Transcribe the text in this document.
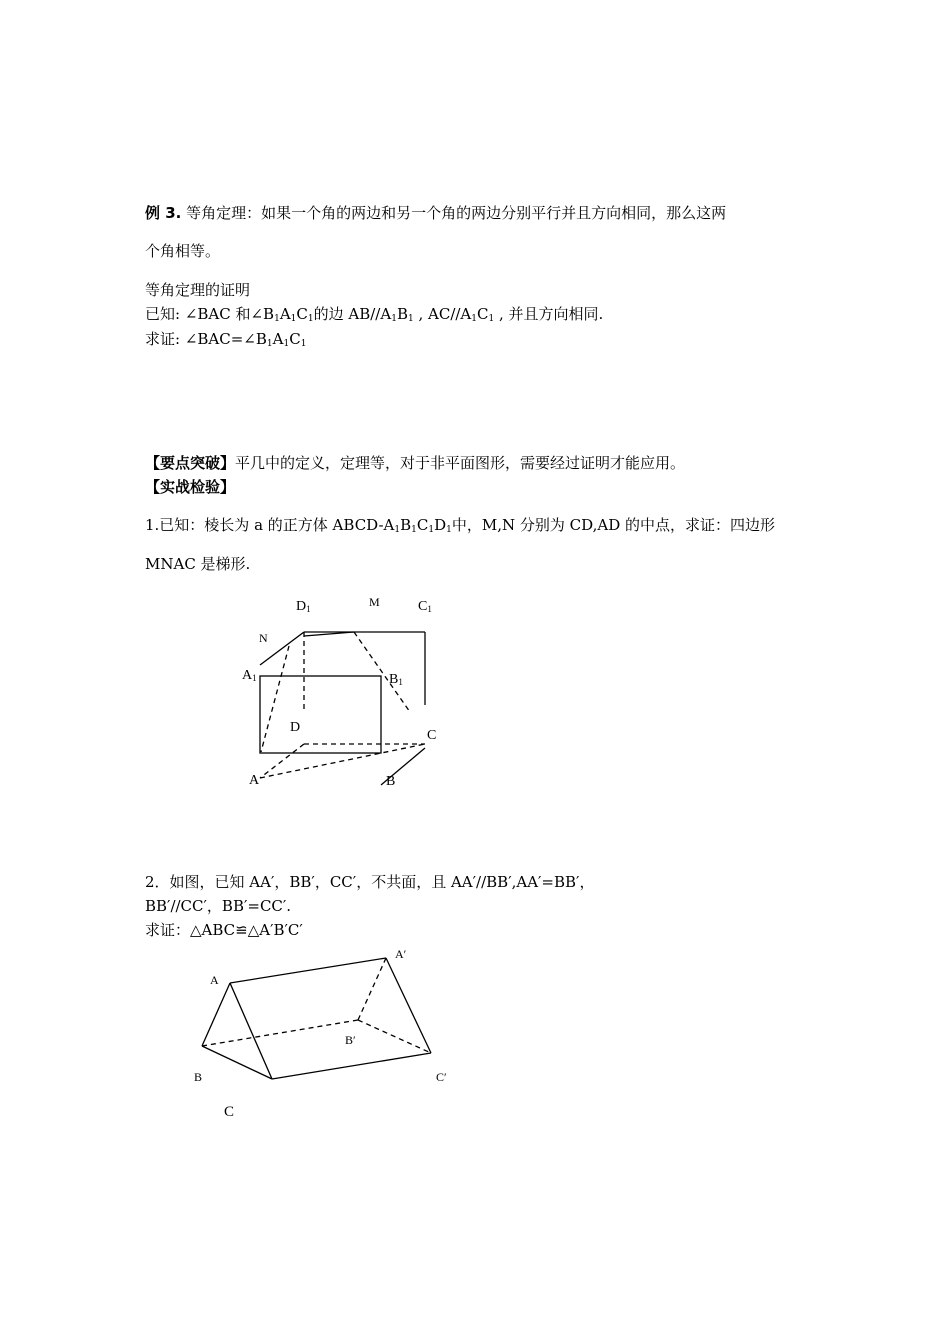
例 3. 等角定理：如果一个角的两边和另一个角的两边分别平行并且方向相同，那么这两
个角相等。
等角定理的证明
已知: ∠BAC 和$\angle B_1A_1C_1$的边 $AB//A_1B_1$ , $AC//A_1C_1$ , 并且方向相同.
求证: $\angle BAC=\angle B_1A_1C_1$
【要点突破】平几中的定义，定理等，对于非平面图形，需要经过证明才能应用。
【实战检验】
1.已知：棱长为 a 的正方体 ABCD-$A_1B_1C_1D_1$中，M,N 分别为 CD,AD 的中点，求证：四边形
MNAC 是梯形.
$D_1$	M	$C_1$
N
$A_1$	$B_1$
D
C
A	B
2．如图，已知 AA′，BB′，CC′，不共面，且 AA′//BB′,AA′=BB′，
BB′//CC′，BB′=CC′.
求证：△ABC≌△A′B′C′
A
A′
B′
B	C′
C
